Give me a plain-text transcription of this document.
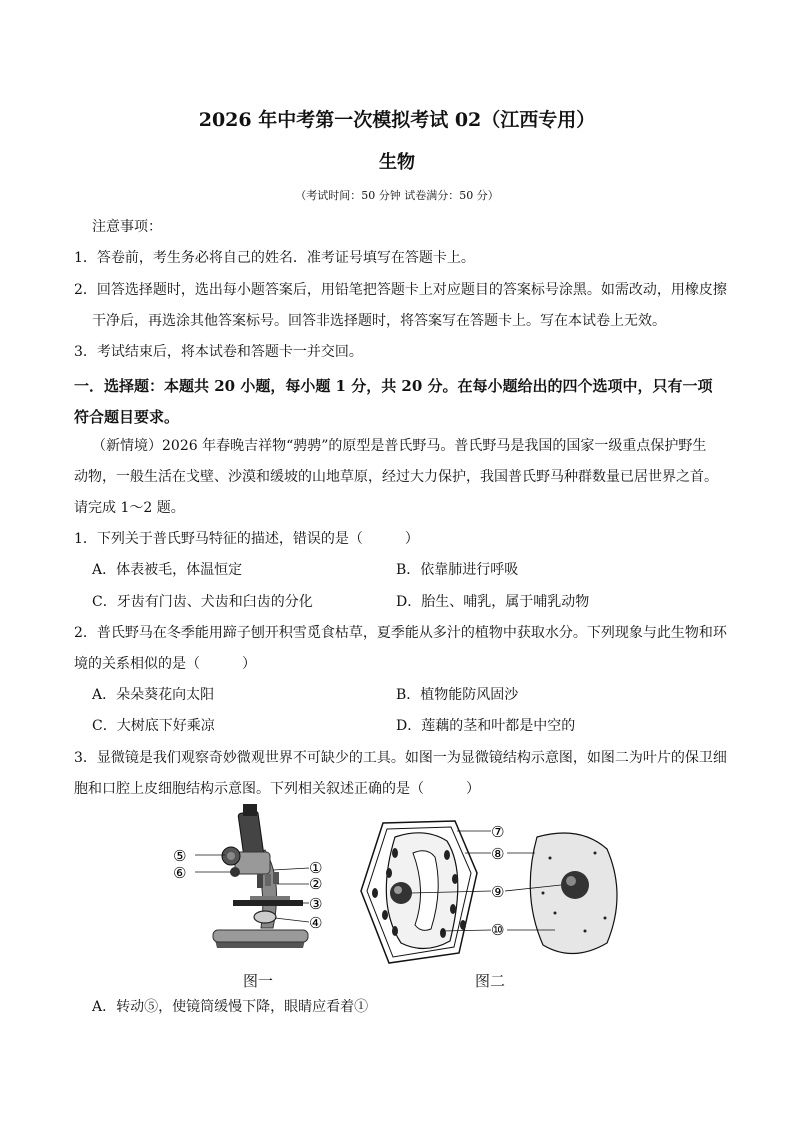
2026 年中考第一次模拟考试 02（江西专用）
生物
（考试时间：50 分钟 试卷满分：50 分）
注意事项：
1．答卷前，考生务必将自己的姓名．准考证号填写在答题卡上。
2．回答选择题时，选出每小题答案后，用铅笔把答题卡上对应题目的答案标号涂黑。如需改动，用橡皮擦
干净后，再选涂其他答案标号。回答非选择题时，将答案写在答题卡上。写在本试卷上无效。
3．考试结束后，将本试卷和答题卡一并交回。
一．选择题：本题共 20 小题，每小题 1 分，共 20 分。在每小题给出的四个选项中，只有一项
符合题目要求。
（新情境）2026 年春晚吉祥物“骋骋”的原型是普氏野马。普氏野马是我国的国家一级重点保护野生
动物，一般生活在戈壁、沙漠和缓坡的山地草原，经过大力保护，我国普氏野马种群数量已居世界之首。
请完成 1～2 题。
1．下列关于普氏野马特征的描述，错误的是（　　　）
A．体表被毛，体温恒定	B．依靠肺进行呼吸
C．牙齿有门齿、犬齿和臼齿的分化	D．胎生、哺乳，属于哺乳动物
2．普氏野马在冬季能用蹄子刨开积雪觅食枯草，夏季能从多汁的植物中获取水分。下列现象与此生物和环
境的关系相似的是（　　　）
A．朵朵葵花向太阳	B．植物能防风固沙
C．大树底下好乘凉	D．莲藕的茎和叶都是中空的
3．显微镜是我们观察奇妙微观世界不可缺少的工具。如图一为显微镜结构示意图，如图二为叶片的保卫细
胞和口腔上皮细胞结构示意图。下列相关叙述正确的是（　　　）
⑤
⑥	①
②
③
④
⑦
⑧
⑨
⑩
图一	图二
A．转动⑤，使镜筒缓慢下降，眼睛应看着①
